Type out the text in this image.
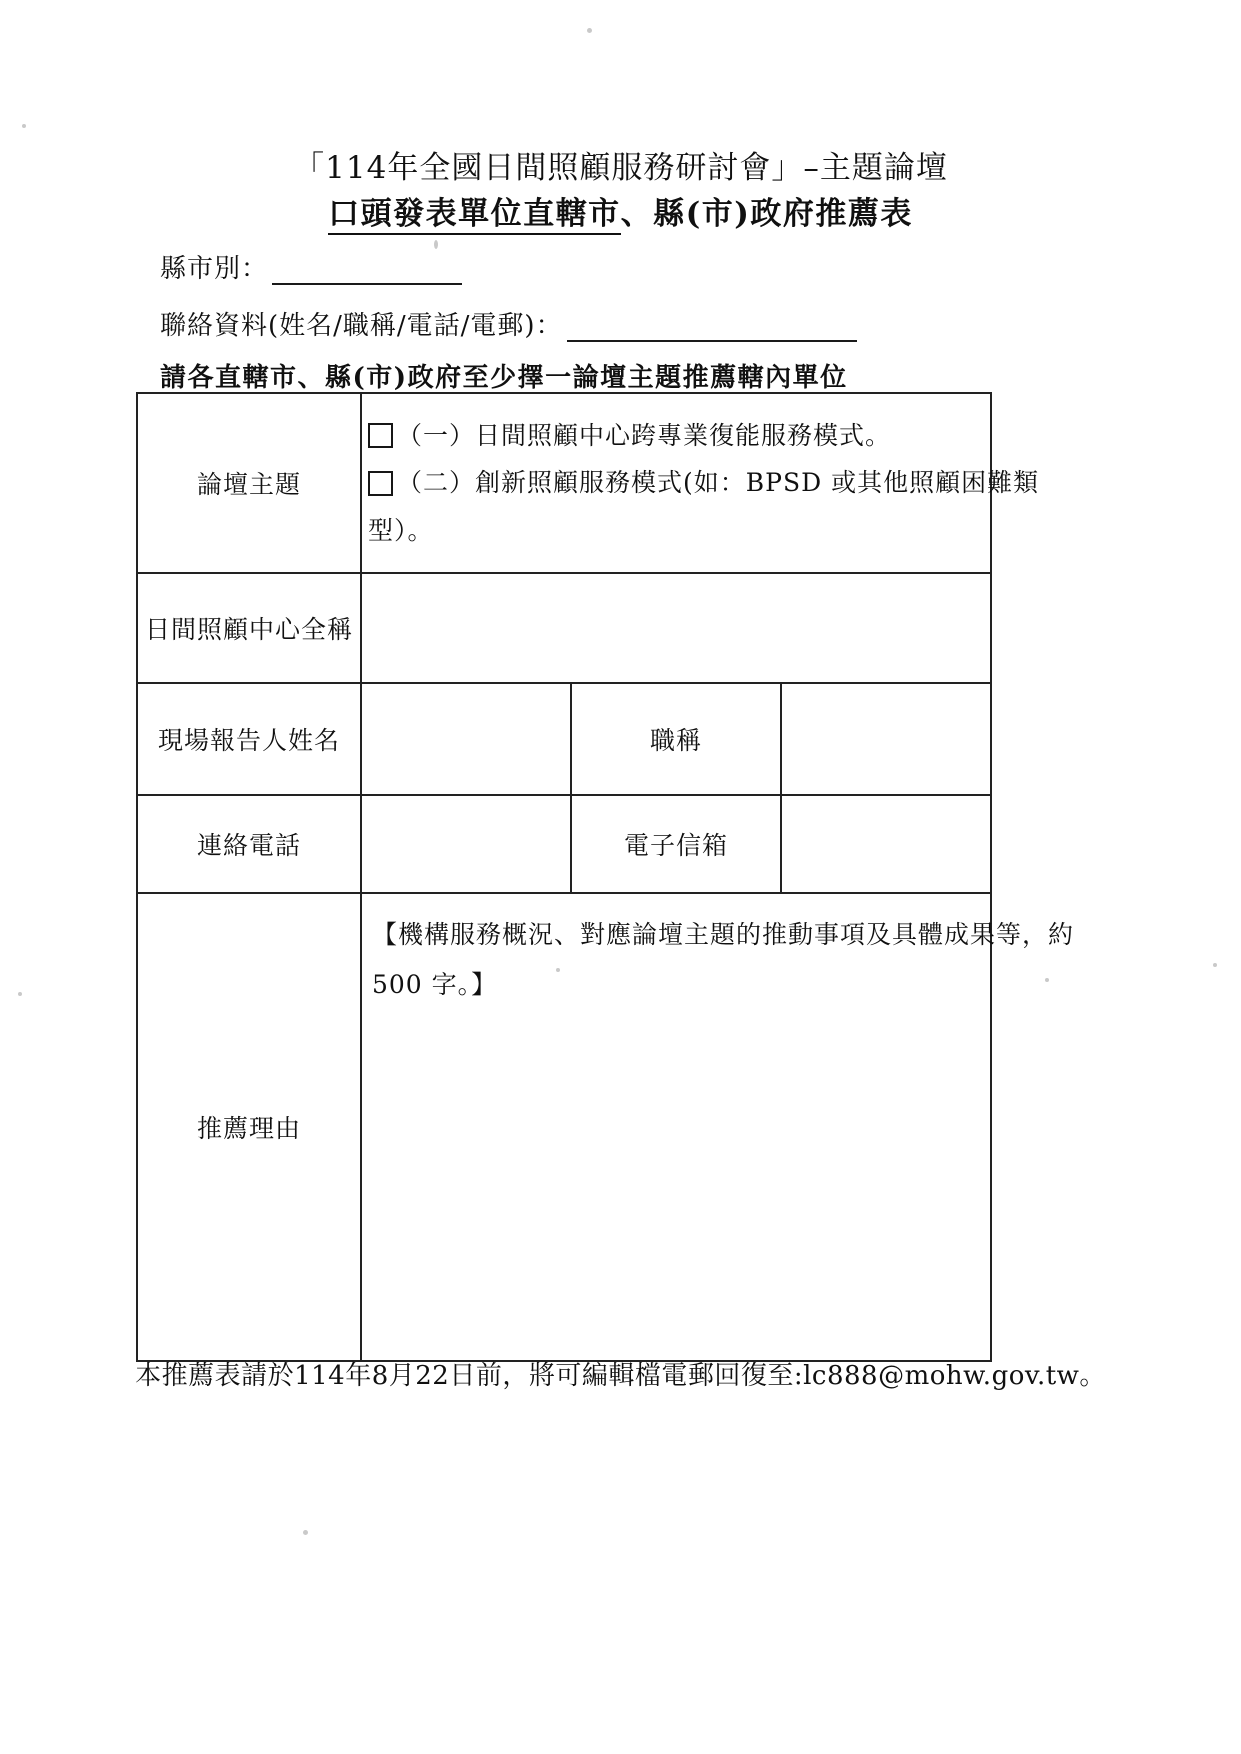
「114年全國日間照顧服務研討會」–主題論壇
口頭發表單位直轄市、縣(市)政府推薦表
縣市別：
聯絡資料(姓名/職稱/電話/電郵)：
請各直轄市、縣(市)政府至少擇一論壇主題推薦轄內單位
論壇主題	（一）日間照顧中心跨專業復能服務模式。
（二）創新照顧服務模式(如：BPSD 或其他照顧困難類
型）。		

日間照顧中心全稱			
現場報告人姓名		職稱	
連絡電話		電子信箱	
推薦理由	【機構服務概況、對應論壇主題的推動事項及具體成果等，約
500 字。】		
本推薦表請於114年8月22日前，將可編輯檔電郵回復至:lc888@mohw.gov.tw。
